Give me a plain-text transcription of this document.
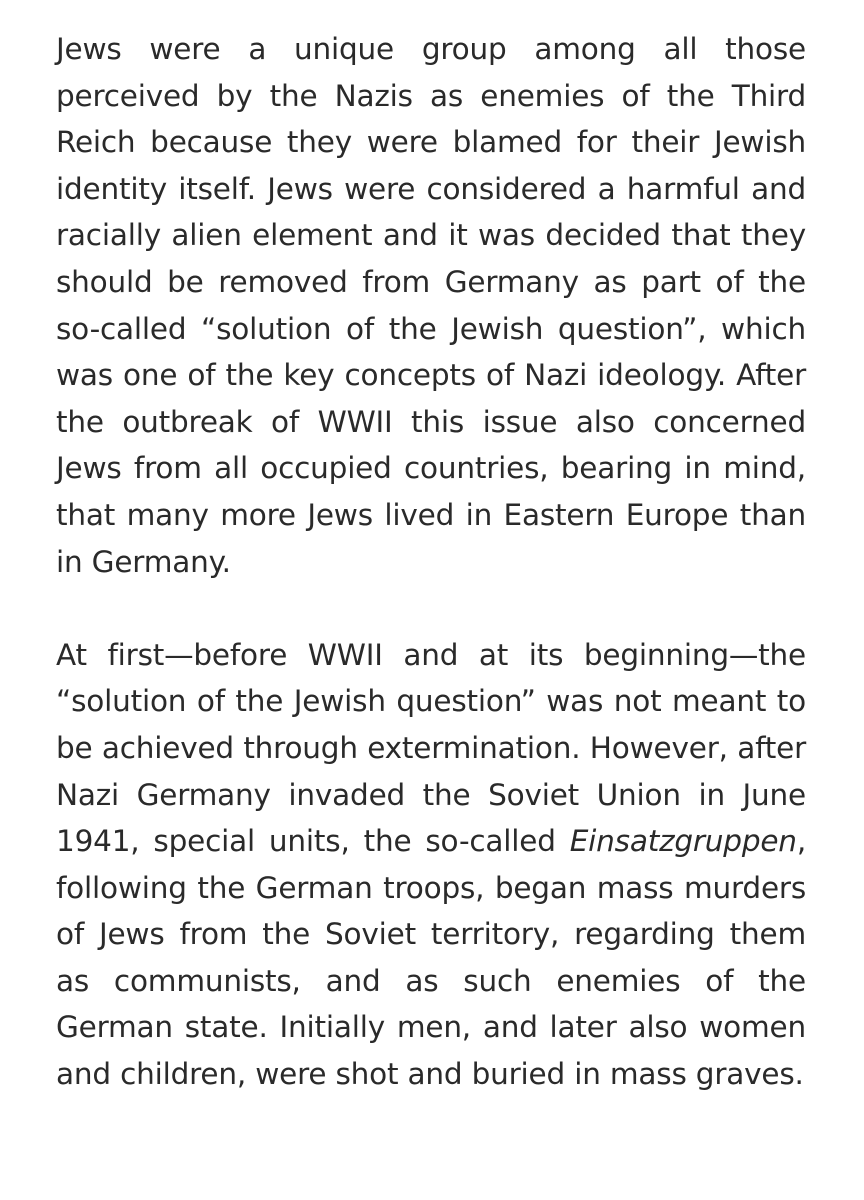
Jews were a unique group among all those perceived by the Nazis as enemies of the Third Reich because they were blamed for their Jewish identity itself. Jews were considered a harmful and racially alien element and it was decided that they should be removed from Germany as part of the so-called “solution of the Jewish question”, which was one of the key concepts of Nazi ideology. After the outbreak of WWII this issue also concerned Jews from all occupied countries, bearing in mind, that many more Jews lived in Eastern Europe than in Germany.

At first—before WWII and at its beginning—the “solution of the Jewish question” was not meant to be achieved through extermination. However, after Nazi Germany invaded the Soviet Union in June 1941, special units, the so-called Einsatzgruppen, following the German troops, began mass murders of Jews from the Soviet territory, regarding them as communists, and as such enemies of the German state. Initially men, and later also women and children, were shot and buried in mass graves.
